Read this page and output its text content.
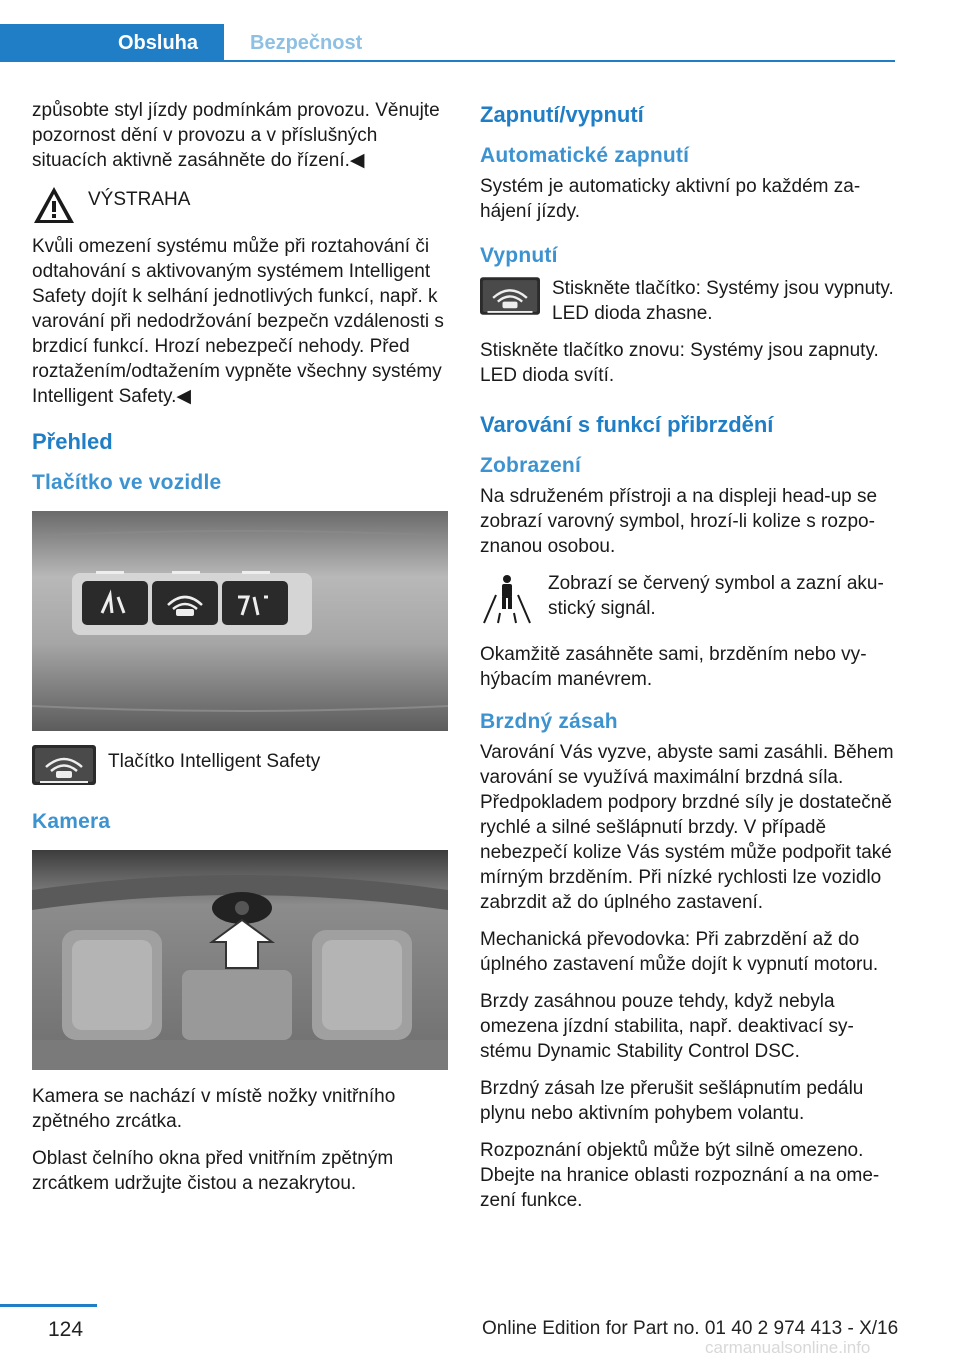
Obsluha	Bezpečnost

způsobte styl jízdy podmínkám provozu. Věnujte pozornost dění v provozu a v příslušných situacích aktivně zasáhněte do řízení.◀

VÝSTRAHA

Kvůli omezení systému může při roztahování či odtahování s aktivovaným systémem Intelligent Safety dojít k selhání jednotlivých funkcí, např. k varování při nedodržování bezpečn vzdálenosti s brzdicí funkcí. Hrozí nebezpečí nehody. Před roztažením/odtažením vypněte všechny systémy Intelligent Safety.◀

Přehled
Tlačítko ve vozidle

Tlačítko Intelligent Safety

Kamera

Kamera se nachází v místě nožky vnitřního zpětného zrcátka.

Oblast čelního okna před vnitřním zpětným zrcátkem udržujte čistou a nezakrytou.

Zapnutí/vypnutí
Automatické zapnutí

Systém je automaticky aktivní po každém zahájení jízdy.

Vypnutí

Stiskněte tlačítko: Systémy jsou vypnuty. LED dioda zhasne.

Stiskněte tlačítko znovu: Systémy jsou zapnuty. LED dioda svítí.

Varování s funkcí přibrzdění
Zobrazení

Na sdruženém přístroji a na displeji head-up se zobrazí varovný symbol, hrozí-li kolize s rozpoznanou osobou.

Zobrazí se červený symbol a zazní akustický signál.

Okamžitě zasáhněte sami, brzděním nebo vyhýbacím manévrem.

Brzdný zásah

Varování Vás vyzve, abyste sami zasáhli. Během varování se využívá maximální brzdná síla. Předpokladem podpory brzdné síly je dostatečně rychlé a silné sešlápnutí brzdy. V případě nebezpečí kolize Vás systém může podpořit také mírným brzděním. Při nízké rychlosti lze vozidlo zabrzdit až do úplného zastavení.

Mechanická převodovka: Při zabrzdění až do úplného zastavení může dojít k vypnutí motoru.

Brzdy zasáhnou pouze tehdy, když nebyla omezena jízdní stabilita, např. deaktivací systému Dynamic Stability Control DSC.

Brzdný zásah lze přerušit sešlápnutím pedálu plynu nebo aktivním pohybem volantu.

Rozpoznání objektů může být silně omezeno. Dbejte na hranice oblasti rozpoznání a na omezení funkce.

124	Online Edition for Part no. 01 40 2 974 413 - X/16
carmanualsonline.info
